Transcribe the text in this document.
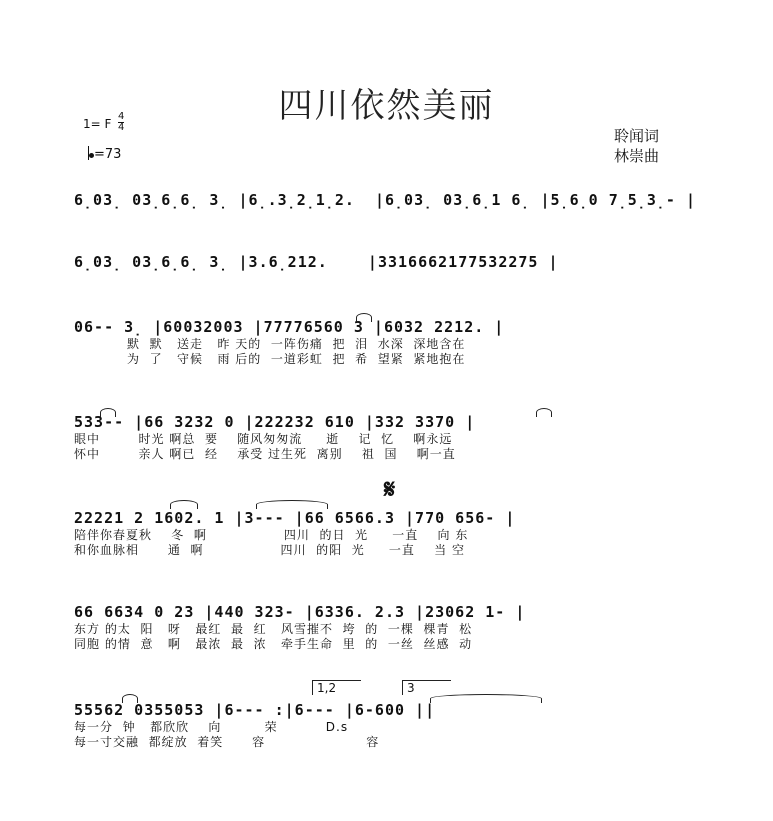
四川依然美丽
1= F $\frac{4}{4}$
=73
聆闻词
林崇曲
6̣03̣ 03̣6̣6̣ 3̣ |6̣.3̣2̣1̣2.  |6̣03̣ 03̣6̣1 6̣ |5̣6̣0 7̣5̣3̣- |
6̣03̣ 03̣6̣6̣ 3̣ |3.6̣212.    |3316662177532275 |
06-- 3̣ |60032003 |77776560 3 |6032 2212. |
默  默   送走   昨 天的  一阵伤痛  把  泪  水深  深地含在
为  了   守候   雨 后的  一道彩虹  把  希  望紧  紧地抱在
533-- |66 3232 0 |222232 610 |332 3370 |
眼中        时光 啊总  要    随风匆匆流     逝    记  忆    啊永远
怀中        亲人 啊已  经    承受 过生死  离别    祖  国    啊一直
𝄋
22221 2 1602. 1 |3--- |66 6566.3 |770 656- |
陪伴你春夏秋    冬  啊                四川  的日  光     一直    向 东
和你血脉相      通  啊                四川  的阳  光     一直    当 空
66 6634 0 23 |440 323- |6336. 2.3 |23062 1- |
东方 的太  阳   呀   最红  最  红   风雪摧不  垮  的  一棵  棵青  松
同胞 的情  意   啊   最浓  最  浓   牵手生命  里  的  一丝  丝感  动
55562 0355053 |6--- :|6--- |6-600 ||
每一分  钟   都欣欣    向         荣          D.s
每一寸交融  都绽放  着笑      容                     容
1,2	3
